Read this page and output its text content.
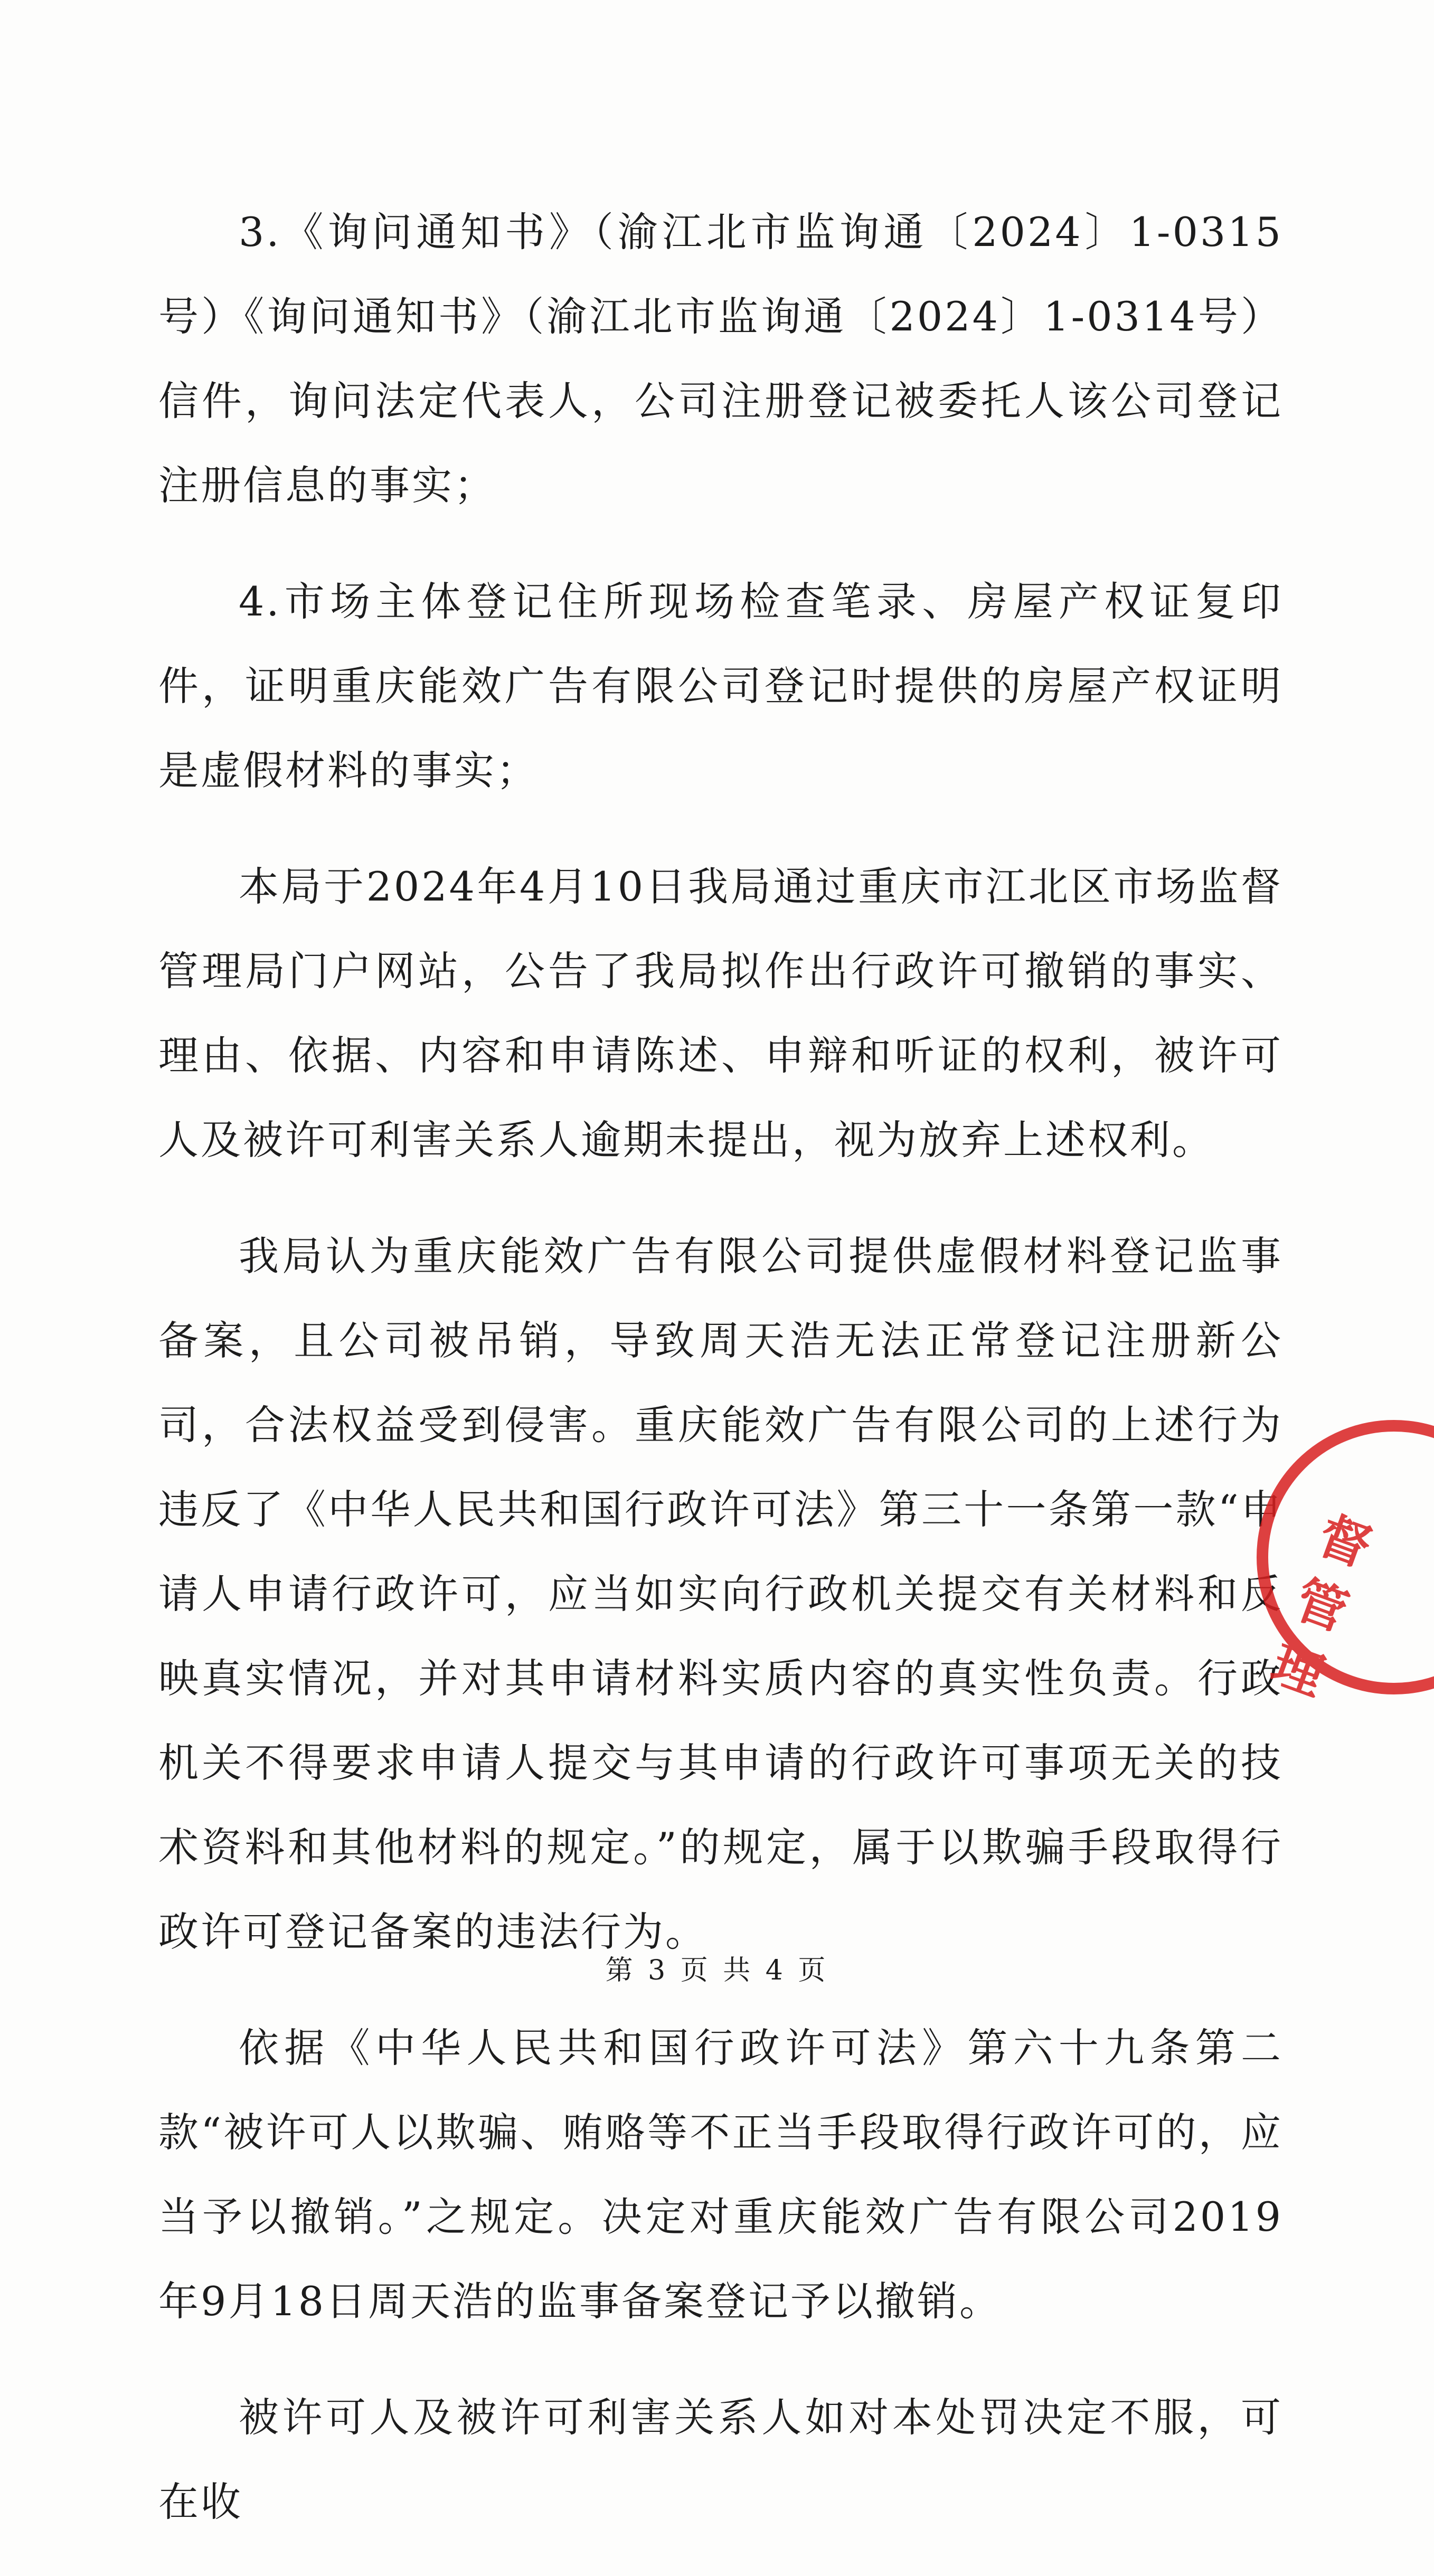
3.《询问通知书》（渝江北市监询通〔2024〕1-0315号）《询问通知书》（渝江北市监询通〔2024〕1-0314号）信件，询问法定代表人，公司注册登记被委托人该公司登记注册信息的事实；

4.市场主体登记住所现场检查笔录、房屋产权证复印件，证明重庆能效广告有限公司登记时提供的房屋产权证明是虚假材料的事实；

本局于2024年4月10日我局通过重庆市江北区市场监督管理局门户网站，公告了我局拟作出行政许可撤销的事实、理由、依据、内容和申请陈述、申辩和听证的权利，被许可人及被许可利害关系人逾期未提出，视为放弃上述权利。

我局认为重庆能效广告有限公司提供虚假材料登记监事备案，且公司被吊销，导致周天浩无法正常登记注册新公司，合法权益受到侵害。重庆能效广告有限公司的上述行为违反了《中华人民共和国行政许可法》第三十一条第一款“申请人申请行政许可，应当如实向行政机关提交有关材料和反映真实情况，并对其申请材料实质内容的真实性负责。行政机关不得要求申请人提交与其申请的行政许可事项无关的技术资料和其他材料的规定。”的规定，属于以欺骗手段取得行政许可登记备案的违法行为。

依据《中华人民共和国行政许可法》第六十九条第二款“被许可人以欺骗、贿赂等不正当手段取得行政许可的，应当予以撤销。”之规定。决定对重庆能效广告有限公司2019年9月18日周天浩的监事备案登记予以撤销。

被许可人及被许可利害关系人如对本处罚决定不服，可在收

督管理
第 3 页 共 4 页
